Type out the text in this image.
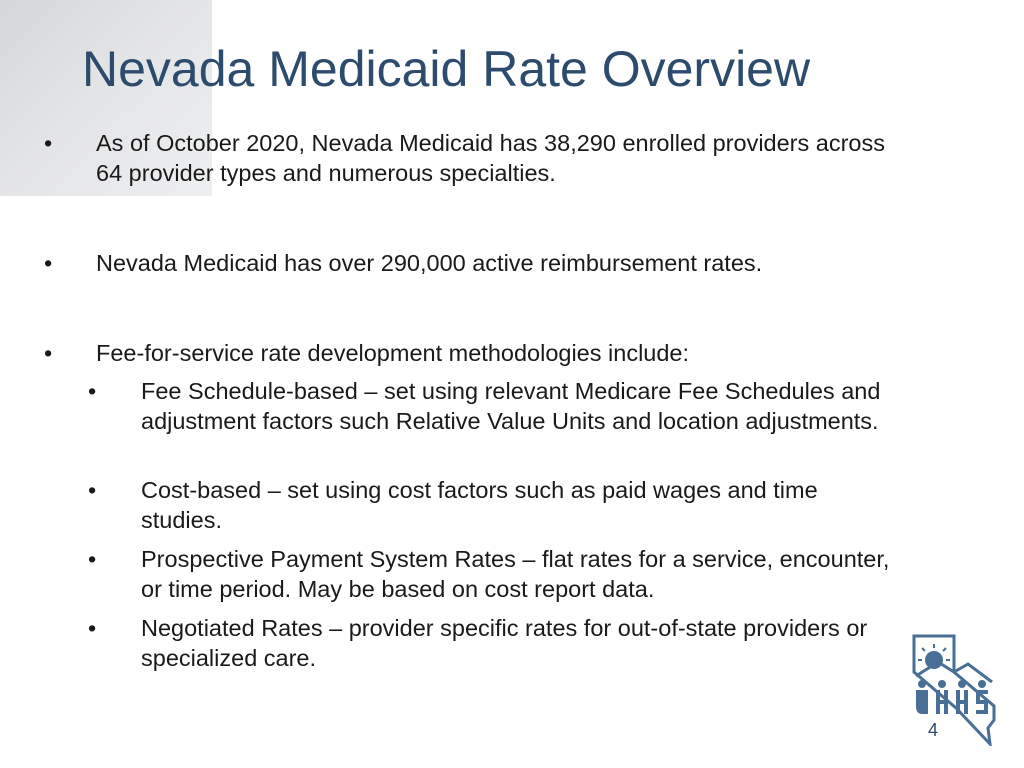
Nevada Medicaid Rate Overview
• As of October 2020, Nevada Medicaid has 38,290 enrolled providers across 64 provider types and numerous specialties.
• Nevada Medicaid has over 290,000 active reimbursement rates.
• Fee-for-service rate development methodologies include:
• Fee Schedule-based – set using relevant Medicare Fee Schedules and adjustment factors such Relative Value Units and location adjustments.
• Cost-based – set using cost factors such as paid wages and time studies.
• Prospective Payment System Rates – flat rates for a service, encounter, or time period. May be based on cost report data.
• Negotiated Rates – provider specific rates for out-of-state providers or specialized care.
4
